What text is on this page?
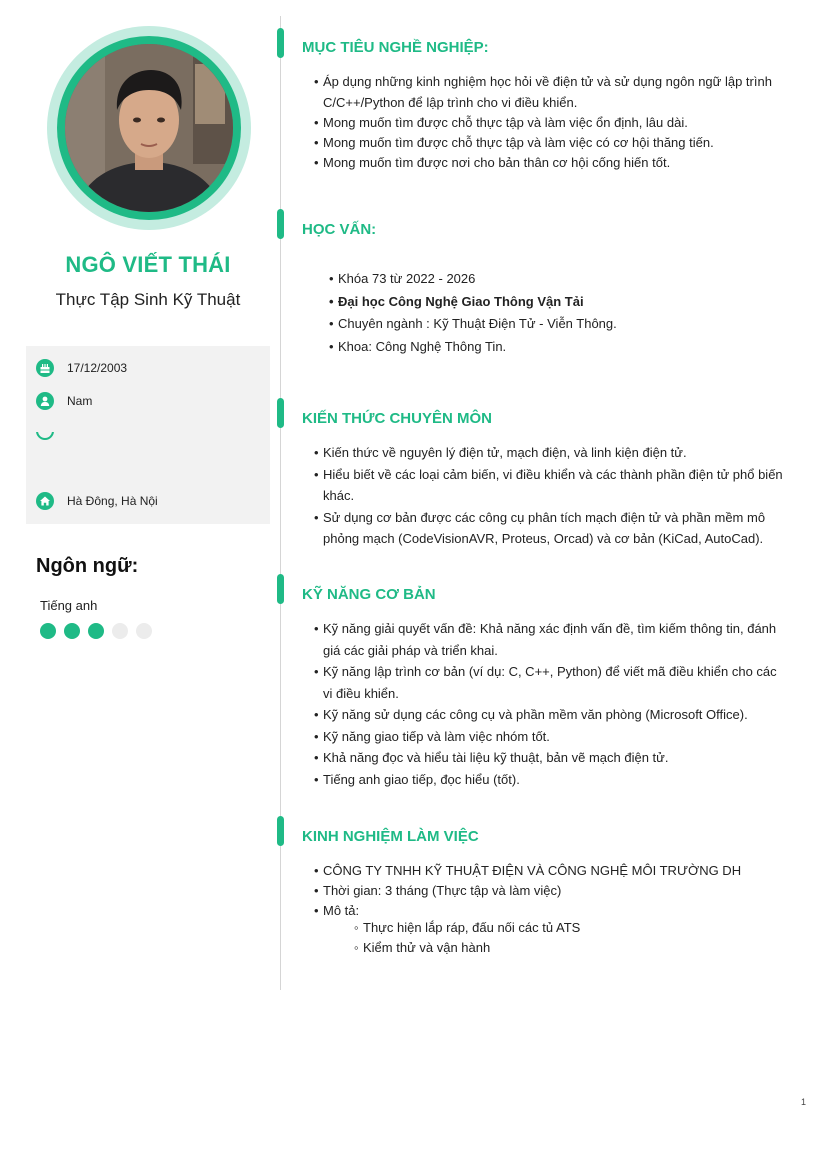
NGÔ VIẾT THÁI
Thực Tập Sinh Kỹ Thuật
17/12/2003
Nam
Hà Đông, Hà Nội
Ngôn ngữ:
Tiếng anh
MỤC TIÊU NGHỀ NGHIỆP:
• Áp dụng những kinh nghiệm học hỏi về điện tử và sử dụng ngôn ngữ lập trình C/C++/Python để lập trình cho vi điều khiển.
• Mong muốn tìm được chỗ thực tập và làm việc ổn định, lâu dài.
• Mong muốn tìm được chỗ thực tập và làm việc có cơ hội thăng tiến.
• Mong muốn tìm được nơi cho bản thân cơ hội cống hiến tốt.
HỌC VẤN:
• Khóa 73 từ 2022 - 2026
• Đại học Công Nghệ Giao Thông Vận Tải
• Chuyên ngành : Kỹ Thuật Điện Tử - Viễn Thông.
• Khoa: Công Nghệ Thông Tin.
KIẾN THỨC CHUYÊN MÔN
• Kiến thức về nguyên lý điện tử, mạch điện, và linh kiện điện tử.
• Hiểu biết về các loại cảm biến, vi điều khiển và các thành phần điện tử phổ biến khác.
• Sử dụng cơ bản được các công cụ phân tích mạch điện tử và phần mềm mô phỏng mạch (CodeVisionAVR, Proteus, Orcad) và cơ bản (KiCad, AutoCad).
KỸ NĂNG CƠ BẢN
• Kỹ năng giải quyết vấn đề: Khả năng xác định vấn đề, tìm kiếm thông tin, đánh giá các giải pháp và triển khai.
• Kỹ năng lập trình cơ bản (ví dụ: C, C++, Python) để viết mã điều khiển cho các vi điều khiển.
• Kỹ năng sử dụng các công cụ và phần mềm văn phòng (Microsoft Office).
• Kỹ năng giao tiếp và làm việc nhóm tốt.
• Khả năng đọc và hiểu tài liệu kỹ thuật, bản vẽ mạch điện tử.
• Tiếng anh giao tiếp, đọc hiểu (tốt).
KINH NGHIỆM LÀM VIỆC
• CÔNG TY TNHH KỸ THUẬT ĐIỆN VÀ CÔNG NGHỆ MÔI TRƯỜNG DH
• Thời gian: 3 tháng (Thực tập và làm việc)
• Mô tả:
◦ Thực hiện lắp ráp, đấu nối các tủ ATS
◦ Kiểm thử và vận hành
1
